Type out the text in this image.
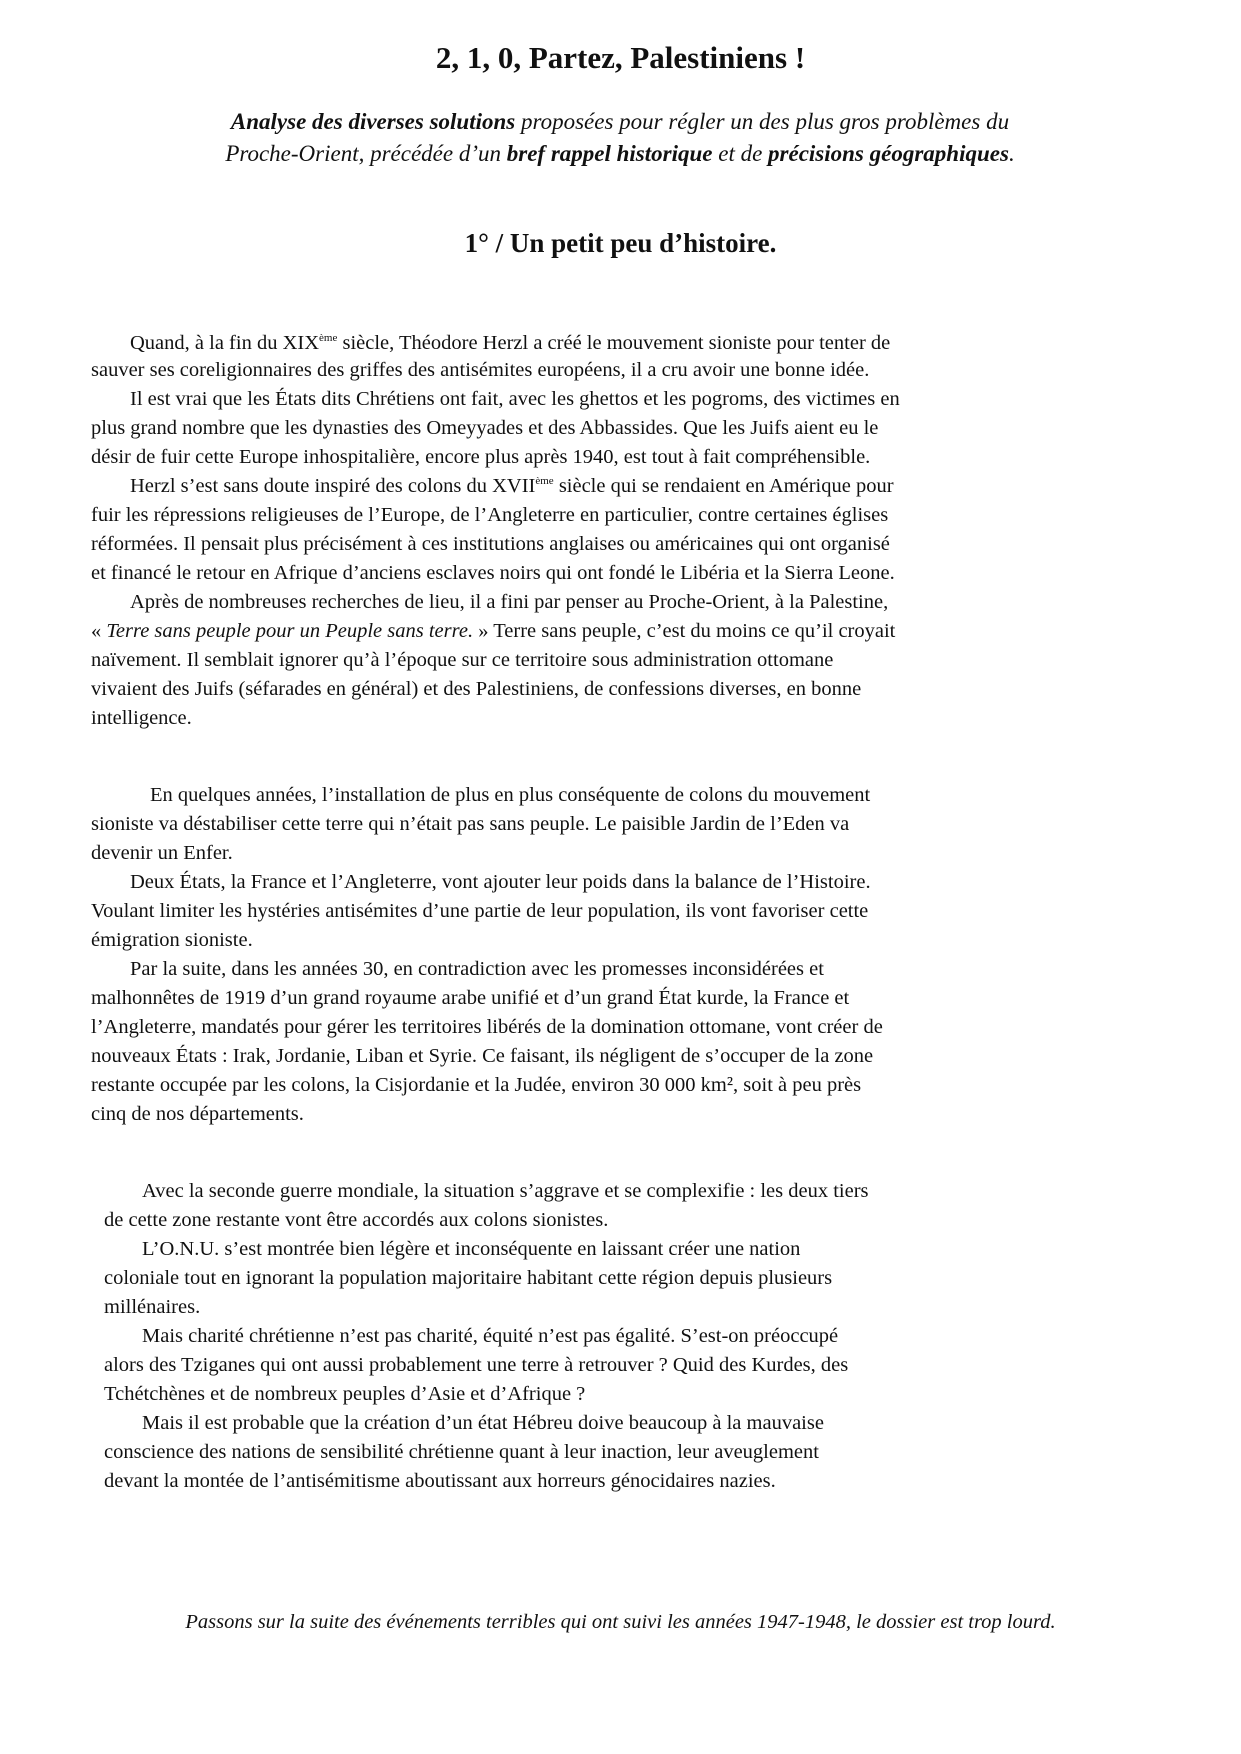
2, 1, 0, Partez, Palestiniens !
Analyse des diverses solutions proposées pour régler un des plus gros problèmes du
Proche-Orient, précédée d’un bref rappel historique et de précisions géographiques.
1° / Un petit peu d’histoire.
Quand, à la fin du XIXème siècle, Théodore Herzl a créé le mouvement sioniste pour tenter de
sauver ses coreligionnaires des griffes des antisémites européens, il a cru avoir une bonne idée.
Il est vrai que les États dits Chrétiens ont fait, avec les ghettos et les pogroms, des victimes en
plus grand nombre que les dynasties des Omeyyades et des Abbassides. Que les Juifs aient eu le
désir de fuir cette Europe inhospitalière, encore plus après 1940, est tout à fait compréhensible.
Herzl s’est sans doute inspiré des colons du XVIIème siècle qui se rendaient en Amérique pour
fuir les répressions religieuses de l’Europe, de l’Angleterre en particulier, contre certaines églises
réformées. Il pensait plus précisément à ces institutions anglaises ou américaines qui ont organisé
et financé le retour en Afrique d’anciens esclaves noirs qui ont fondé le Libéria et la Sierra Leone.
Après de nombreuses recherches de lieu, il a fini par penser au Proche-Orient, à la Palestine,
« Terre sans peuple pour un Peuple sans terre. » Terre sans peuple, c’est du moins ce qu’il croyait
naïvement. Il semblait ignorer qu’à l’époque sur ce territoire sous administration ottomane
vivaient des Juifs (séfarades en général) et des Palestiniens, de confessions diverses, en bonne
intelligence.
En quelques années, l’installation de plus en plus conséquente de colons du mouvement
sioniste va déstabiliser cette terre qui n’était pas sans peuple. Le paisible Jardin de l’Eden va
devenir un Enfer.
Deux États, la France et l’Angleterre, vont ajouter leur poids dans la balance de l’Histoire.
Voulant limiter les hystéries antisémites d’une partie de leur population, ils vont favoriser cette
émigration sioniste.
Par la suite, dans les années 30, en contradiction avec les promesses inconsidérées et
malhonnêtes de 1919 d’un grand royaume arabe unifié et d’un grand État kurde, la France et
l’Angleterre, mandatés pour gérer les territoires libérés de la domination ottomane, vont créer de
nouveaux États : Irak, Jordanie, Liban et Syrie. Ce faisant, ils négligent de s’occuper de la zone
restante occupée par les colons, la Cisjordanie et la Judée, environ 30 000 km², soit à peu près
cinq de nos départements.
Avec la seconde guerre mondiale, la situation s’aggrave et se complexifie : les deux tiers
de cette zone restante vont être accordés aux colons sionistes.
L’O.N.U. s’est montrée bien légère et inconséquente en laissant créer une nation
coloniale tout en ignorant la population majoritaire habitant cette région depuis plusieurs
millénaires.
Mais charité chrétienne n’est pas charité, équité n’est pas égalité. S’est-on préoccupé
alors des Tziganes qui ont aussi probablement une terre à retrouver ? Quid des Kurdes, des
Tchétchènes et de nombreux peuples d’Asie et d’Afrique ?
Mais il est probable que la création d’un état Hébreu doive beaucoup à la mauvaise
conscience des nations de sensibilité chrétienne quant à leur inaction, leur aveuglement
devant la montée de l’antisémitisme aboutissant aux horreurs génocidaires nazies.
Passons sur la suite des événements terribles qui ont suivi les années 1947-1948, le dossier est trop lourd.
